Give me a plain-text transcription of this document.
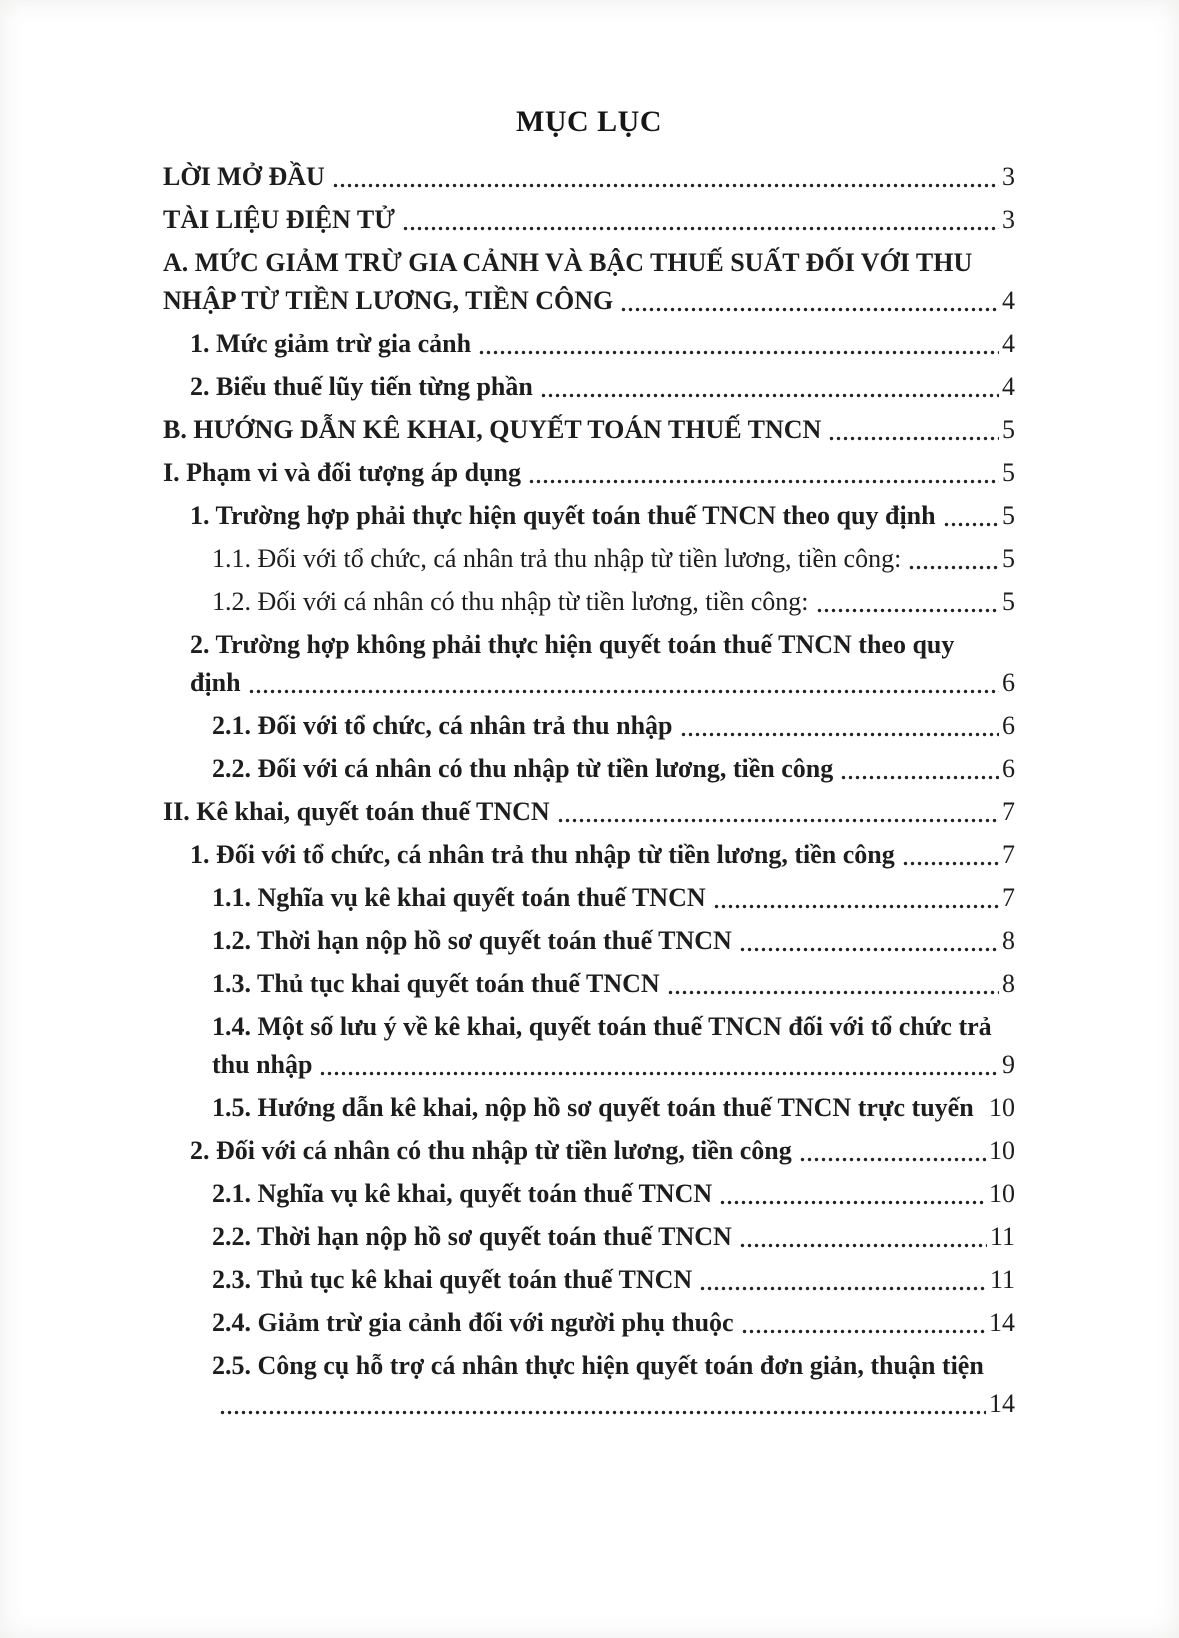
MỤC LỤC
LỜI MỞ ĐẦU	3
TÀI LIỆU ĐIỆN TỬ	3
A. MỨC GIẢM TRỪ GIA CẢNH VÀ BẬC THUẾ SUẤT ĐỐI VỚI THU
NHẬP TỪ TIỀN LƯƠNG, TIỀN CÔNG	4
1. Mức giảm trừ gia cảnh	4
2. Biểu thuế lũy tiến từng phần	4
B. HƯỚNG DẪN KÊ KHAI, QUYẾT TOÁN THUẾ TNCN	5
I. Phạm vi và đối tượng áp dụng	5
1. Trường hợp phải thực hiện quyết toán thuế TNCN theo quy định	5
1.1. Đối với tổ chức, cá nhân trả thu nhập từ tiền lương, tiền công:	5
1.2. Đối với cá nhân có thu nhập từ tiền lương, tiền công:	5
2. Trường hợp không phải thực hiện quyết toán thuế TNCN theo quy
định	6
2.1. Đối với tổ chức, cá nhân trả thu nhập	6
2.2. Đối với cá nhân có thu nhập từ tiền lương, tiền công	6
II. Kê khai, quyết toán thuế TNCN	7
1. Đối với tổ chức, cá nhân trả thu nhập từ tiền lương, tiền công	7
1.1. Nghĩa vụ kê khai quyết toán thuế TNCN	7
1.2. Thời hạn nộp hồ sơ quyết toán thuế TNCN	8
1.3. Thủ tục khai quyết toán thuế TNCN	8
1.4. Một số lưu ý về kê khai, quyết toán thuế TNCN đối với tổ chức trả
thu nhập	9
1.5. Hướng dẫn kê khai, nộp hồ sơ quyết toán thuế TNCN trực tuyến 10
2. Đối với cá nhân có thu nhập từ tiền lương, tiền công	10
2.1. Nghĩa vụ kê khai, quyết toán thuế TNCN	10
2.2. Thời hạn nộp hồ sơ quyết toán thuế TNCN	11
2.3. Thủ tục kê khai quyết toán thuế TNCN	11
2.4. Giảm trừ gia cảnh đối với người phụ thuộc	14
2.5. Công cụ hỗ trợ cá nhân thực hiện quyết toán đơn giản, thuận tiện
14
